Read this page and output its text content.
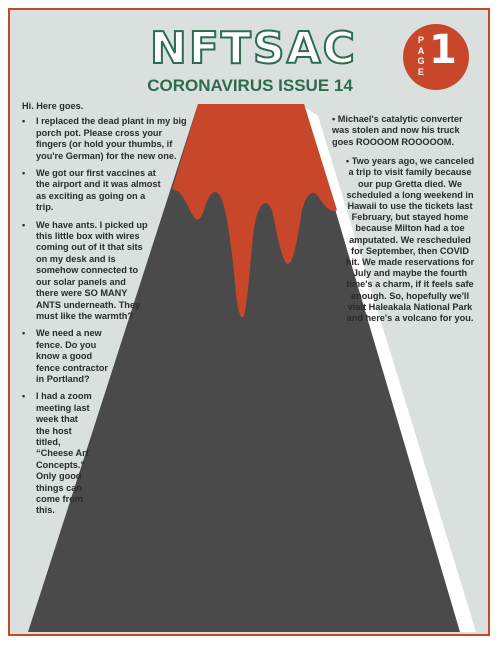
NFTSAC
CORONAVIRUS ISSUE 14
PAGE 1

Hi. Here goes.

• I replaced the dead plant in my big porch pot. Please cross your fingers (or hold your thumbs, if you're German) for the new one.
• We got our first vaccines at the airport and it was almost as exciting as going on a trip.
• We have ants. I picked up this little box with wires coming out of it that sits on my desk and is somehow connected to our solar panels and there were SO MANY ANTS underneath. They must like the warmth?
• We need a new fence. Do you know a good fence contractor in Portland?
• I had a zoom meeting last week that the host titled, “Cheese Art Concepts.” Only good things can come from this.
• Michael's catalytic converter was stolen and now his truck goes ROOOOM ROOOOOM.
• Two years ago, we canceled a trip to visit family because our pup Gretta died. We scheduled a long weekend in Hawaii to use the tickets last February, but stayed home because Milton had a toe amputated. We rescheduled for September, then COVID hit. We made reservations for July and maybe the fourth time's a charm, if it feels safe enough. So, hopefully we'll visit Haleakala National Park and here's a volcano for you.
